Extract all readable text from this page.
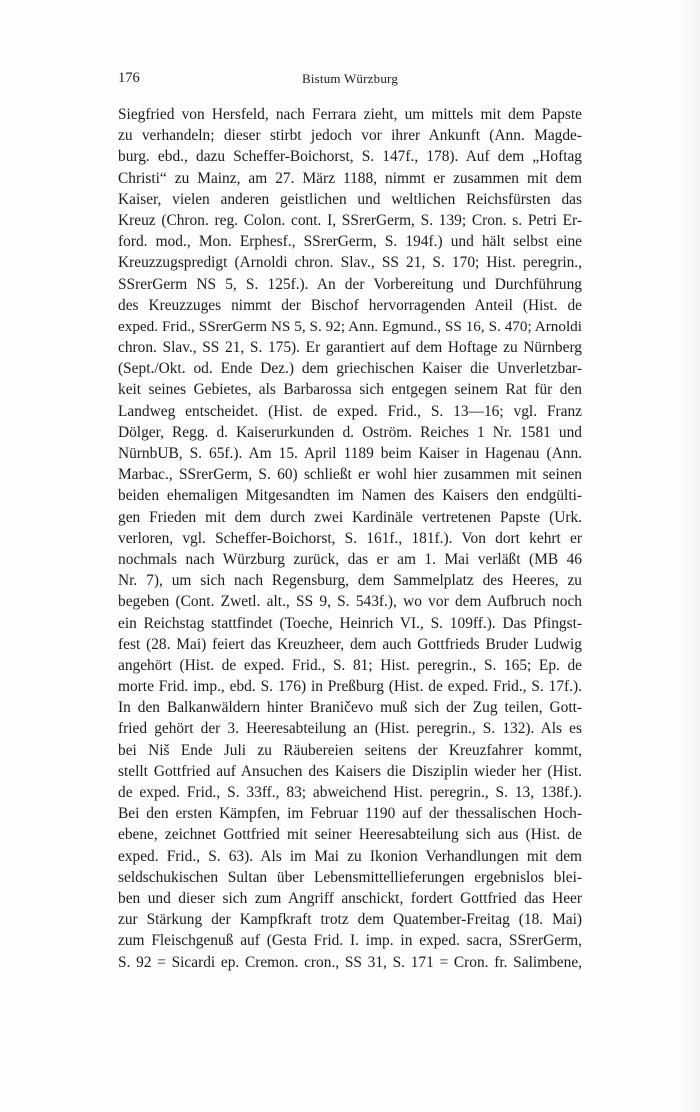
176	Bistum Würzburg
Siegfried von Hersfeld, nach Ferrara zieht, um mittels mit dem Papste
zu verhandeln; dieser stirbt jedoch vor ihrer Ankunft (Ann. Magde-
burg. ebd., dazu Scheffer-Boichorst, S. 147f., 178). Auf dem „Hoftag
Christi“ zu Mainz, am 27. März 1188, nimmt er zusammen mit dem
Kaiser, vielen anderen geistlichen und weltlichen Reichsfürsten das
Kreuz (Chron. reg. Colon. cont. I, SSrerGerm, S. 139; Cron. s. Petri Er-
ford. mod., Mon. Erphesf., SSrerGerm, S. 194f.) und hält selbst eine
Kreuzzugspredigt (Arnoldi chron. Slav., SS 21, S. 170; Hist. peregrin.,
SSrerGerm NS 5, S. 125f.). An der Vorbereitung und Durchführung
des Kreuzzuges nimmt der Bischof hervorragenden Anteil (Hist. de
exped. Frid., SSrerGerm NS 5, S. 92; Ann. Egmund., SS 16, S. 470; Arnoldi
chron. Slav., SS 21, S. 175). Er garantiert auf dem Hoftage zu Nürnberg
(Sept./Okt. od. Ende Dez.) dem griechischen Kaiser die Unverletzbar-
keit seines Gebietes, als Barbarossa sich entgegen seinem Rat für den
Landweg entscheidet. (Hist. de exped. Frid., S. 13—16; vgl. Franz
Dölger, Regg. d. Kaiserurkunden d. Oström. Reiches 1 Nr. 1581 und
NürnbUB, S. 65f.). Am 15. April 1189 beim Kaiser in Hagenau (Ann.
Marbac., SSrerGerm, S. 60) schließt er wohl hier zusammen mit seinen
beiden ehemaligen Mitgesandten im Namen des Kaisers den endgülti-
gen Frieden mit dem durch zwei Kardinäle vertretenen Papste (Urk.
verloren, vgl. Scheffer-Boichorst, S. 161f., 181f.). Von dort kehrt er
nochmals nach Würzburg zurück, das er am 1. Mai verläßt (MB 46
Nr. 7), um sich nach Regensburg, dem Sammelplatz des Heeres, zu
begeben (Cont. Zwetl. alt., SS 9, S. 543f.), wo vor dem Aufbruch noch
ein Reichstag stattfindet (Toeche, Heinrich VI., S. 109ff.). Das Pfingst-
fest (28. Mai) feiert das Kreuzheer, dem auch Gottfrieds Bruder Ludwig
angehört (Hist. de exped. Frid., S. 81; Hist. peregrin., S. 165; Ep. de
morte Frid. imp., ebd. S. 176) in Preßburg (Hist. de exped. Frid., S. 17f.).
In den Balkanwäldern hinter Braničevo muß sich der Zug teilen, Gott-
fried gehört der 3. Heeresabteilung an (Hist. peregrin., S. 132). Als es
bei Niš Ende Juli zu Räubereien seitens der Kreuzfahrer kommt,
stellt Gottfried auf Ansuchen des Kaisers die Disziplin wieder her (Hist.
de exped. Frid., S. 33ff., 83; abweichend Hist. peregrin., S. 13, 138f.).
Bei den ersten Kämpfen, im Februar 1190 auf der thessalischen Hoch-
ebene, zeichnet Gottfried mit seiner Heeresabteilung sich aus (Hist. de
exped. Frid., S. 63). Als im Mai zu Ikonion Verhandlungen mit dem
seldschukischen Sultan über Lebensmittellieferungen ergebnislos blei-
ben und dieser sich zum Angriff anschickt, fordert Gottfried das Heer
zur Stärkung der Kampfkraft trotz dem Quatember-Freitag (18. Mai)
zum Fleischgenuß auf (Gesta Frid. I. imp. in exped. sacra, SSrerGerm,
S. 92 = Sicardi ep. Cremon. cron., SS 31, S. 171 = Cron. fr. Salimbene,
